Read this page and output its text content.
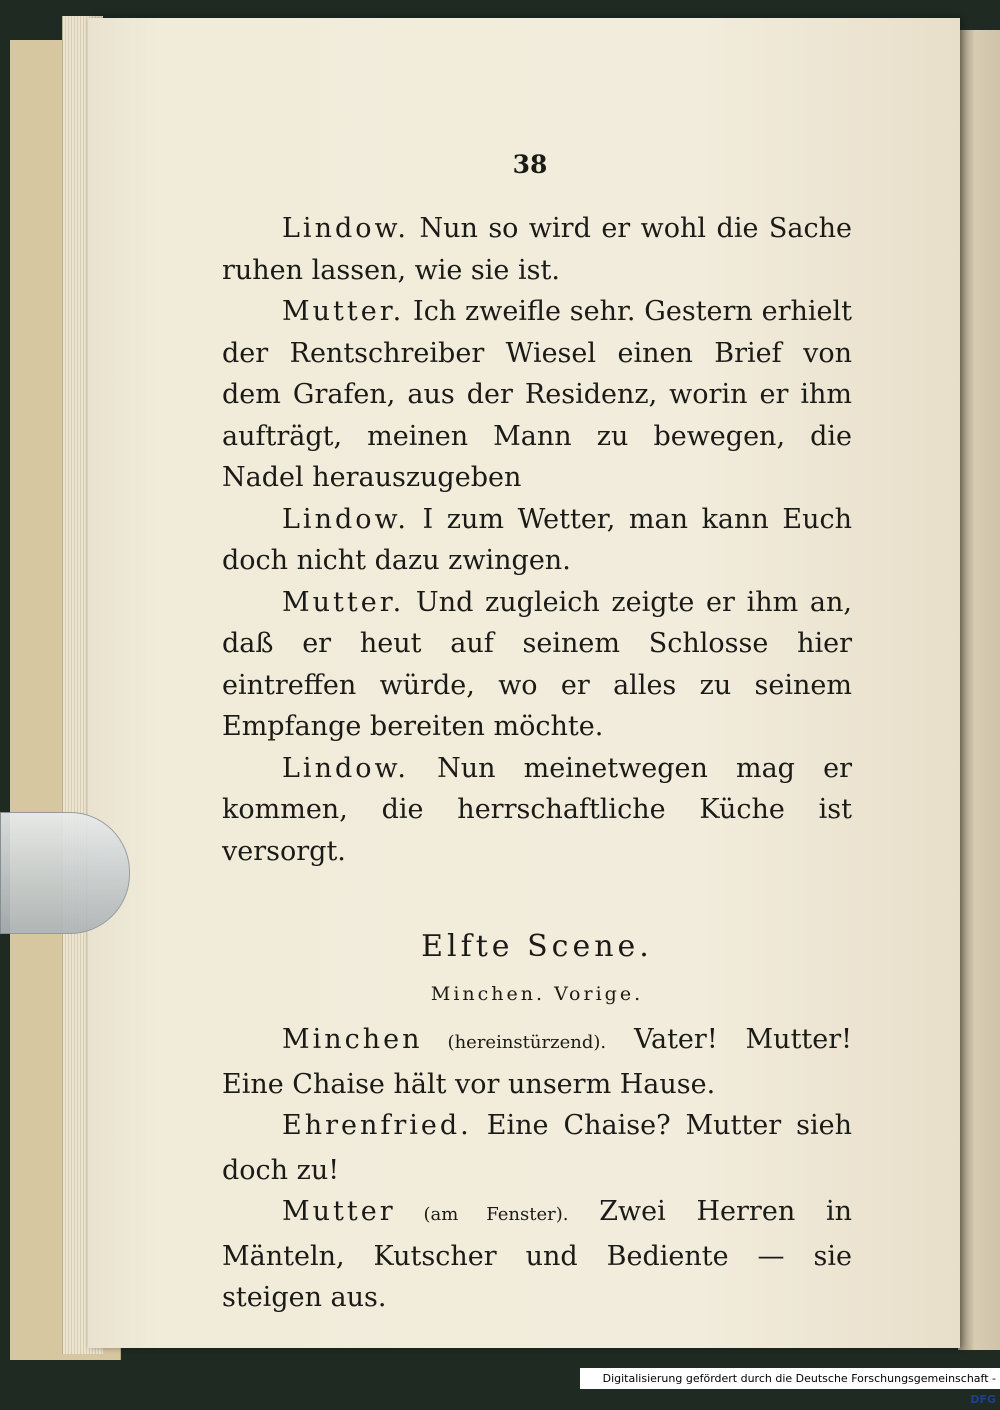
38

Lindow. Nun so wird er wohl die Sache ruhen lassen, wie sie ist.

Mutter. Ich zweifle sehr. Gestern erhielt der Rentschreiber Wiesel einen Brief von dem Grafen, aus der Residenz, worin er ihm aufträgt, meinen Mann zu bewegen, die Nadel herauszugeben

Lindow. I zum Wetter, man kann Euch doch nicht dazu zwingen.

Mutter. Und zugleich zeigte er ihm an, daß er heut auf seinem Schlosse hier eintreffen würde, wo er alles zu seinem Empfange bereiten möchte.

Lindow. Nun meinetwegen mag er kommen, die herrschaftliche Küche ist versorgt.

Elfte Scene.
Minchen. Vorige.

Minchen (hereinstürzend). Vater! Mutter! Eine Chaise hält vor unserm Hause.

Ehrenfried. Eine Chaise? Mutter sieh doch zu!

Mutter (am Fenster). Zwei Herren in Mänteln, Kutscher und Bediente — sie steigen aus.

Digitalisierung gefördert durch die Deutsche Forschungsgemeinschaft -DFG
